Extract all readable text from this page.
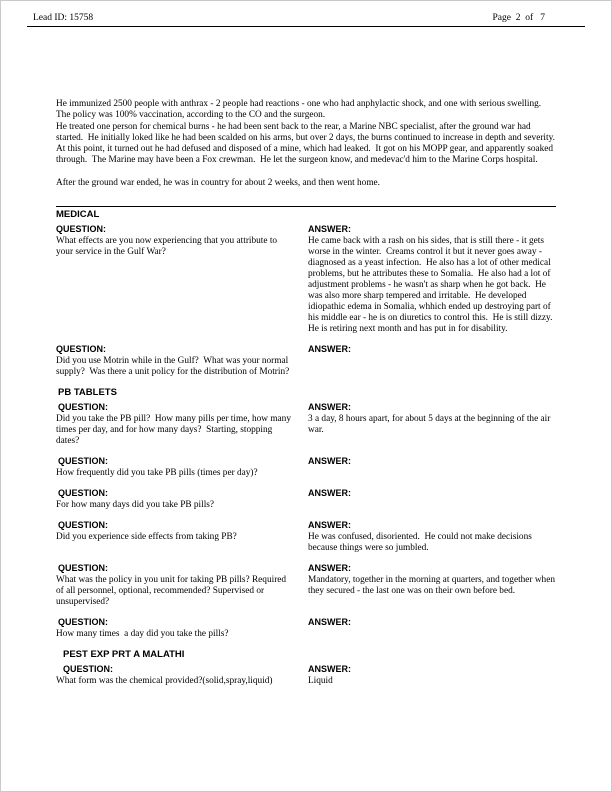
Lead ID: 15758	Page  2  of   7

He immunized 2500 people with anthrax - 2 people had reactions - one who had anphylactic shock, and one with serious swelling.  The policy was 100% vaccination, according to the CO and the surgeon.

He treated one person for chemical burns - he had been sent back to the rear, a Marine NBC specialist, after the ground war had started.  He initially loked like he had been scalded on his arms, but over 2 days, the burns continued to increase in depth and severity.  At this point, it turned out he had defused and disposed of a mine, which had leaked.  It got on his MOPP gear, and apparently soaked through.  The Marine may have been a Fox crewman.  He let the surgeon know, and medevac'd him to the Marine Corps hospital.

After the ground war ended, he was in country for about 2 weeks, and then went home.

MEDICAL
QUESTION:
What effects are you now experiencing that you attribute to your service in the Gulf War?
ANSWER:
He came back with a rash on his sides, that is still there - it gets worse in the winter.  Creams control it but it never goes away - diagnosed as a yeast infection.  He also has a lot of other medical problems, but he attributes these to Somalia.  He also had a lot of adjustment problems - he wasn't as sharp when he got back.  He was also more sharp tempered and irritable.  He developed idiopathic edema in Somalia, whhich ended up destroying part of his middle ear - he is on diuretics to control this.  He is still dizzy.  He is retiring next month and has put in for disability.
QUESTION:
Did you use Motrin while in the Gulf?  What was your normal supply?  Was there a unit policy for the distribution of Motrin?
ANSWER:
PB TABLETS
QUESTION:
Did you take the PB pill?  How many pills per time, how many times per day, and for how many days?  Starting, stopping dates?
ANSWER:
3 a day, 8 hours apart, for about 5 days at the beginning of the air war.
QUESTION:
How frequently did you take PB pills (times per day)?
ANSWER:
QUESTION:
For how many days did you take PB pills?
ANSWER:
QUESTION:
Did you experience side effects from taking PB?
ANSWER:
He was confused, disoriented.  He could not make decisions because things were so jumbled.
QUESTION:
What was the policy in you unit for taking PB pills? Required of all personnel, optional, recommended? Supervised or unsupervised?
ANSWER:
Mandatory, together in the morning at quarters, and together when they secured - the last one was on their own before bed.
QUESTION:
How many times  a day did you take the pills?
ANSWER:
PEST EXP PRT A MALATHI
QUESTION:
What form was the chemical provided?(solid,spray,liquid)
ANSWER:
Liquid
